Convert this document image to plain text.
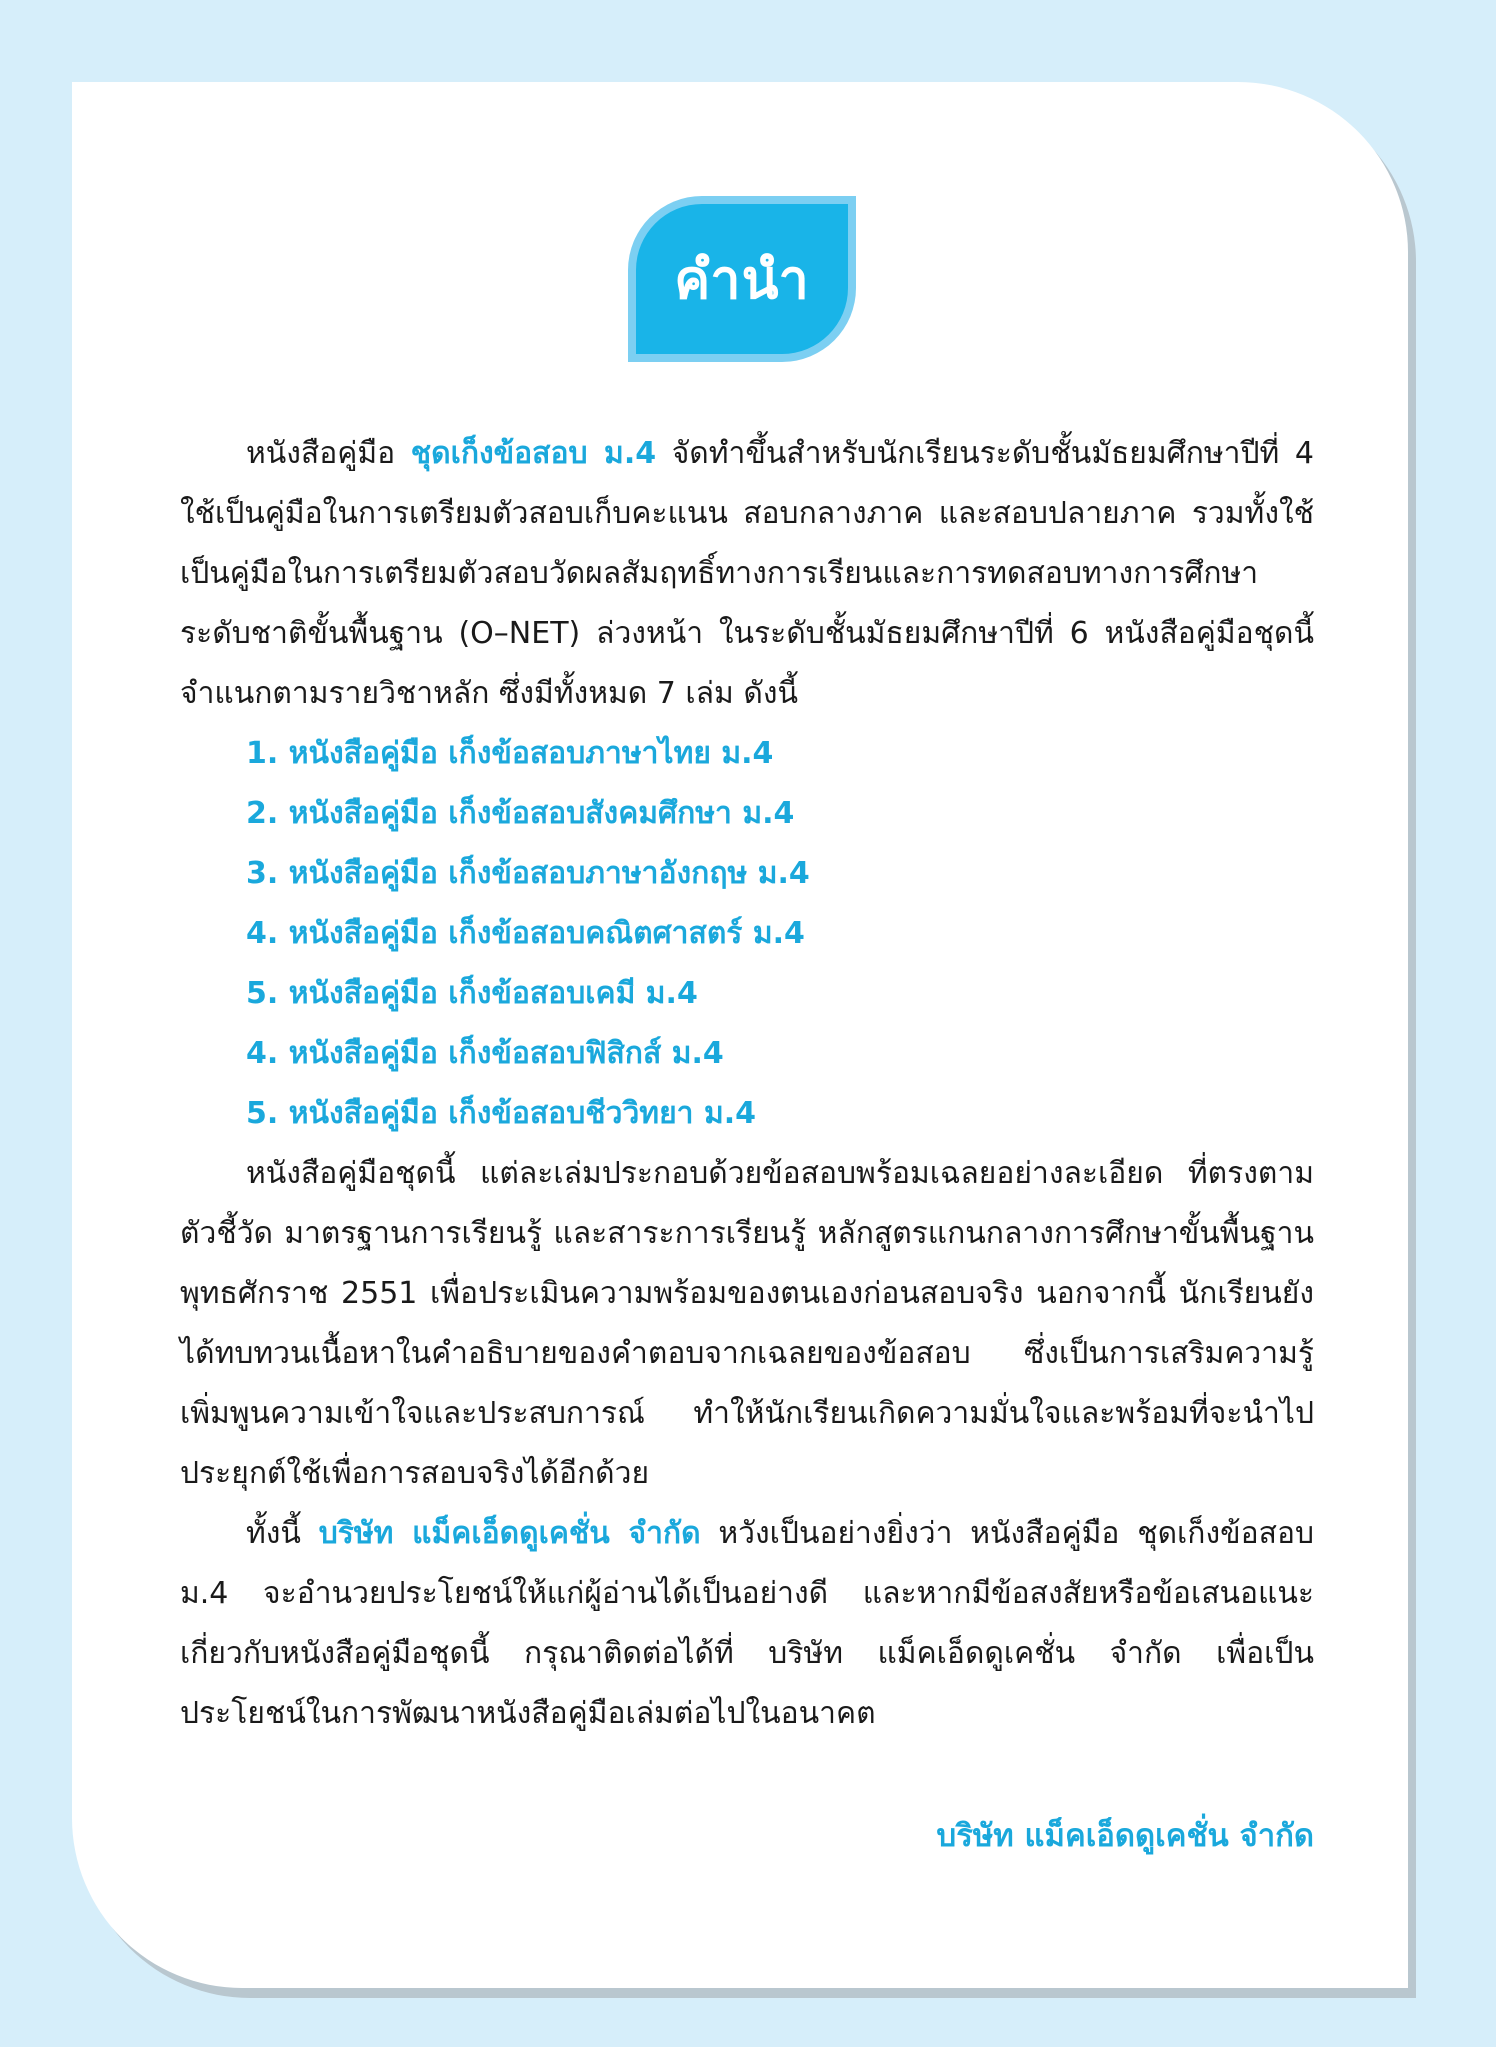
คำนำ

หนังสือคู่มือ ชุดเก็งข้อสอบ ม.4 จัดทำขึ้นสำหรับนักเรียนระดับชั้นมัธยมศึกษาปีที่ 4 ใช้เป็นคู่มือในการเตรียมตัวสอบเก็บคะแนน สอบกลางภาค และสอบปลายภาค รวมทั้งใช้เป็นคู่มือในการเตรียมตัวสอบวัดผลสัมฤทธิ์ทางการเรียนและการทดสอบทางการศึกษาระดับชาติขั้นพื้นฐาน (O–NET) ล่วงหน้า ในระดับชั้นมัธยมศึกษาปีที่ 6 หนังสือคู่มือชุดนี้จำแนกตามรายวิชาหลัก ซึ่งมีทั้งหมด 7 เล่ม ดังนี้

1. หนังสือคู่มือ เก็งข้อสอบภาษาไทย ม.4
2. หนังสือคู่มือ เก็งข้อสอบสังคมศึกษา ม.4
3. หนังสือคู่มือ เก็งข้อสอบภาษาอังกฤษ ม.4
4. หนังสือคู่มือ เก็งข้อสอบคณิตศาสตร์ ม.4
5. หนังสือคู่มือ เก็งข้อสอบเคมี ม.4
4. หนังสือคู่มือ เก็งข้อสอบฟิสิกส์ ม.4
5. หนังสือคู่มือ เก็งข้อสอบชีววิทยา ม.4

หนังสือคู่มือชุดนี้ แต่ละเล่มประกอบด้วยข้อสอบพร้อมเฉลยอย่างละเอียด ที่ตรงตามตัวชี้วัด มาตรฐานการเรียนรู้ และสาระการเรียนรู้ หลักสูตรแกนกลางการศึกษาขั้นพื้นฐาน พุทธศักราช 2551 เพื่อประเมินความพร้อมของตนเองก่อนสอบจริง นอกจากนี้ นักเรียนยังได้ทบทวนเนื้อหาในคำอธิบายของคำตอบจากเฉลยของข้อสอบ ซึ่งเป็นการเสริมความรู้ เพิ่มพูนความเข้าใจและประสบการณ์ ทำให้นักเรียนเกิดความมั่นใจและพร้อมที่จะนำไปประยุกต์ใช้เพื่อการสอบจริงได้อีกด้วย

ทั้งนี้ บริษัท แม็คเอ็ดดูเคชั่น จำกัด หวังเป็นอย่างยิ่งว่า หนังสือคู่มือ ชุดเก็งข้อสอบ ม.4 จะอำนวยประโยชน์ให้แก่ผู้อ่านได้เป็นอย่างดี และหากมีข้อสงสัยหรือข้อเสนอแนะเกี่ยวกับหนังสือคู่มือชุดนี้ กรุณาติดต่อได้ที่ บริษัท แม็คเอ็ดดูเคชั่น จำกัด เพื่อเป็นประโยชน์ในการพัฒนาหนังสือคู่มือเล่มต่อไปในอนาคต

บริษัท แม็คเอ็ดดูเคชั่น จำกัด
